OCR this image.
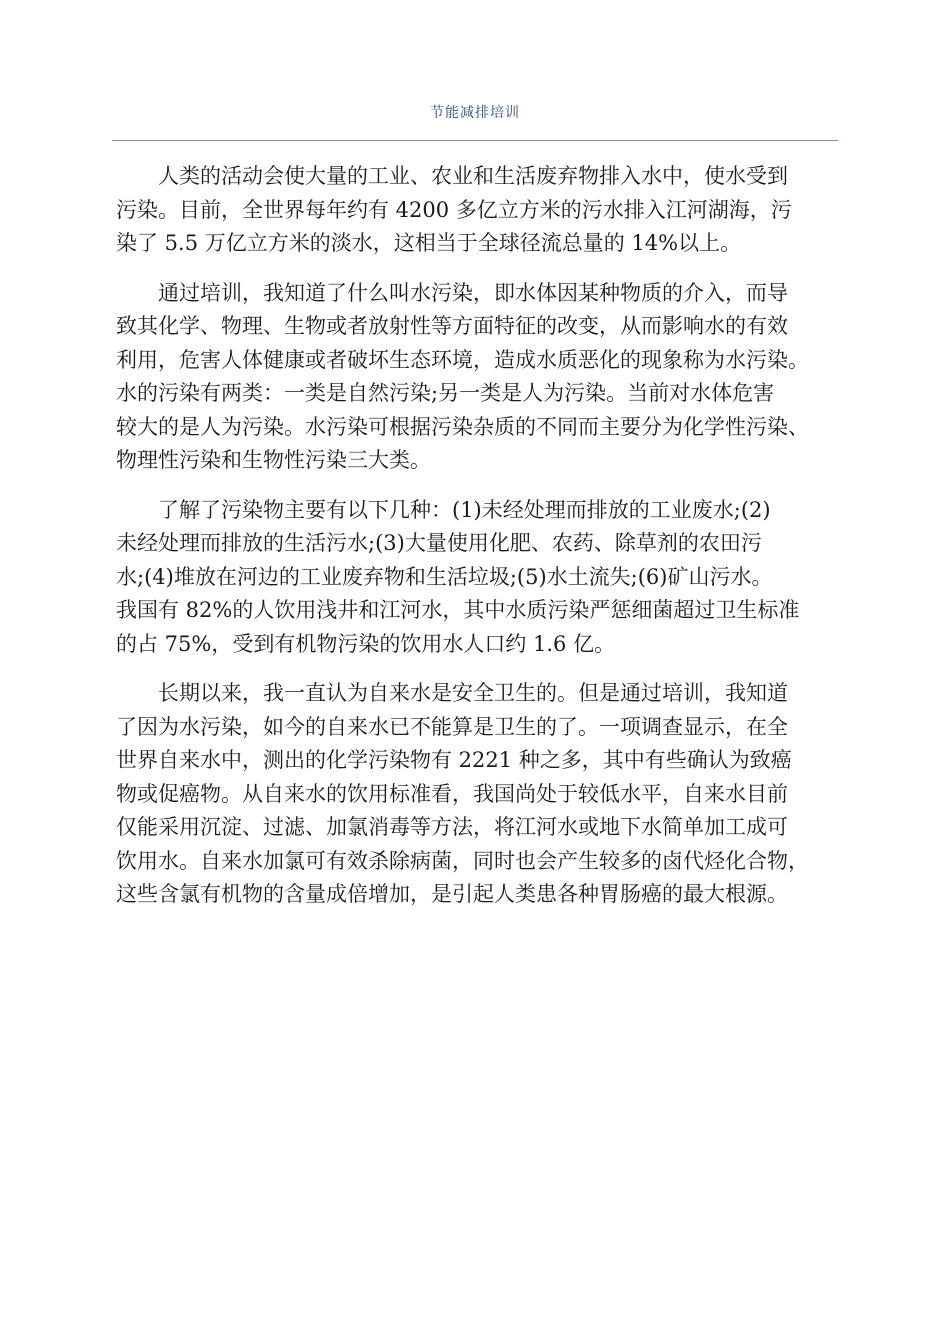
节能减排培训

人类的活动会使大量的工业、农业和生活废弃物排入水中，使水受到
污染。目前，全世界每年约有 4200 多亿立方米的污水排入江河湖海，污
染了 5.5 万亿立方米的淡水，这相当于全球径流总量的 14%以上。

通过培训，我知道了什么叫水污染，即水体因某种物质的介入，而导
致其化学、物理、生物或者放射性等方面特征的改变，从而影响水的有效
利用，危害人体健康或者破坏生态环境，造成水质恶化的现象称为水污染。
水的污染有两类：一类是自然污染;另一类是人为污染。当前对水体危害
较大的是人为污染。水污染可根据污染杂质的不同而主要分为化学性污染、
物理性污染和生物性污染三大类。

了解了污染物主要有以下几种：(1)未经处理而排放的工业废水;(2)
未经处理而排放的生活污水;(3)大量使用化肥、农药、除草剂的农田污
水;(4)堆放在河边的工业废弃物和生活垃圾;(5)水土流失;(6)矿山污水。
我国有 82%的人饮用浅井和江河水，其中水质污染严惩细菌超过卫生标准
的占 75%，受到有机物污染的饮用水人口约 1.6 亿。

长期以来，我一直认为自来水是安全卫生的。但是通过培训，我知道
了因为水污染，如今的自来水已不能算是卫生的了。一项调查显示，在全
世界自来水中，测出的化学污染物有 2221 种之多，其中有些确认为致癌
物或促癌物。从自来水的饮用标准看，我国尚处于较低水平，自来水目前
仅能采用沉淀、过滤、加氯消毒等方法，将江河水或地下水简单加工成可
饮用水。自来水加氯可有效杀除病菌，同时也会产生较多的卤代烃化合物，
这些含氯有机物的含量成倍增加，是引起人类患各种胃肠癌的最大根源。
